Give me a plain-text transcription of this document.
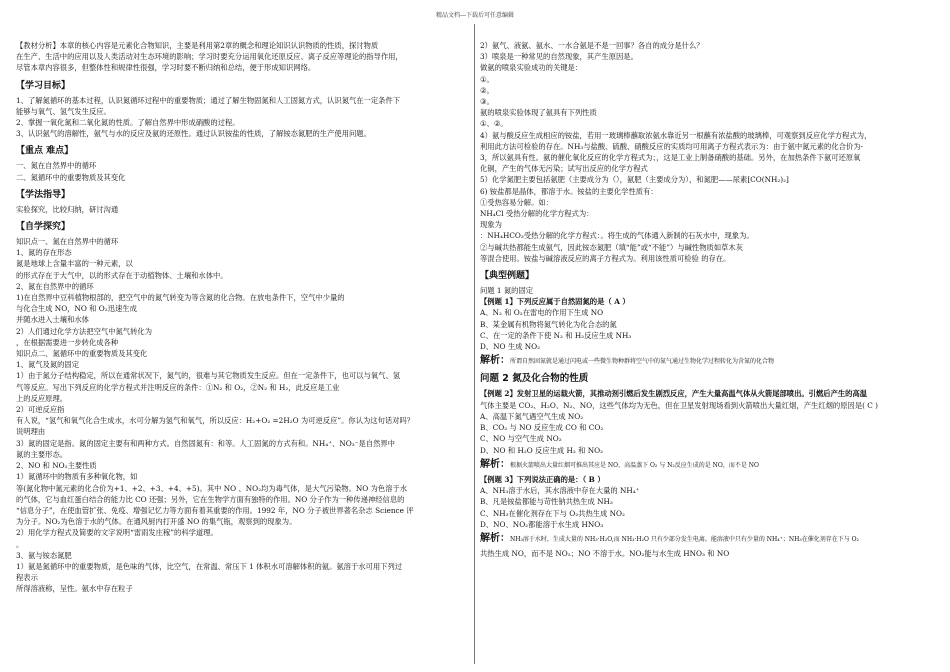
精品文档---下载后可任意编辑
【教材分析】本章的核心内容是元素化合物知识，主要是利用第2章的概念和理论知识认识物质的性质，探讨物质
在生产、生活中的应用以及人类活动对生态环境的影响；学习时要充分运用氧化还原反应、离子反应等理论的指导作用，
尽管本章内容很多，但整体性和规律性很强，学习时要不断归纳和总结，便于形成知识网络。
【学习目标】
1、了解氮循环的基本过程，认识氮循环过程中的重要物质；通过了解生物固氮和人工固氮方式，认识氮气在一定条件下
能够与氧气、氢气发生反应。
2、掌握一氧化氮和二氧化氮的性质。了解自然界中形成硝酸的过程。
3、认识氨气的溶解性，氨气与水的反应及氨的还原性。通过认识铵盐的性质，了解铵态氮肥的生产使用问题。
【重点 难点】
一、氮在自然界中的循环
二、氮循环中的重要物质及其变化
【学法指导】
实验探究，比较归纳，研讨沟通
【自学探究】
知识点一、氮在自然界中的循环
1、氮的存在形态
氮是地球上含量丰富的一种元素，以
的形式存在于大气中，以的形式存在于动植物体、土壤和水体中。
2、氮在自然界中的循环
1)在自然界中豆科植物根部的，把空气中的氮气转变为等含氮的化合物。在放电条件下，空气中少量的
与化合生成 NO，NO 和 O₂迅速生成
并随水进入土壤和水体
2）人们通过化学方法把空气中氮气转化为
，在根据需要进一步转化成各种
知识点二、氮循环中的重要物质及其变化
1、氮气及氮的固定
1）由于氮分子结构稳定，所以在通常状况下，氮气的，很难与其它物质发生反应。但在一定条件下，也可以与氧气、氢
气等反应。写出下列反应的化学方程式并注明反应的条件：①N₂ 和 O₂，②N₂ 和 H₂，此反应是工业
上的反应原理。
2）可逆反应指
有人说，“氢气和氧气化合生成水，水可分解为氢气和氧气，所以反应：H₂+O₂ =2H₂O 为可逆反应”。你认为这句话对吗？
说明理由
3）氮的固定是指。氮的固定主要有和两种方式。自然固氮有：和等。人工固氮的方式有和。NH₄⁺、NO₃⁻是自然界中
氮的主要形态。
2、NO 和 NO₂主要性质
1）氮循环中的物质有多种氧化物，如
等(氮化物中氮元素的化合价为+1、+2、+3、+4、+5)。其中 NO 、NO₂均为毒气体，是大气污染物。NO 为色溶于水
的气体，它与血红蛋白结合的能力比 CO 还强；另外，它在生物学方面有独特的作用。NO 分子作为一种传递神经信息的
“信息分子”，在使血管扩张、免疫、增强记忆力等方面有着其重要的作用。1992 年，NO 分子被世界著名杂志 Science 评
为分子。NO₂为色溶于水的气体。在通风厨内打开盛 NO 的集气瓶，观察到的现象为。
2）用化学方程式及简要的文字说明“雷雨发庄稼”的科学道理。
。
3、氨与铵态氮肥
1）氨是氮循环中的重要物质，是色味的气体，比空气，在常温、常压下 1 体积水可溶解体积的氨。氨溶于水可用下列过
程表示
所得溶液称，呈性。氨水中存在粒子
2）氨气、液氨、氨水、一水合氨是不是一回事？各自的成分是什么？
3）喷泉是一种常见的自然现象，其产生原因是。
做氨的喷泉实验成功的关键是：
①。
②。
③。
氨的喷泉实验体现了氨具有下列性质
①、②。
4）氨与酸反应生成相应的铵盐，若用一玻璃棒蘸取浓氨水靠近另一根蘸有浓盐酸的玻璃棒，可观察到反应化学方程式为，
利用此方法可检验的存在。NH₃与盐酸、硫酸、硝酸反应的实质均可用离子方程式表示为：由于氨中氮元素的化合价为-
3，所以氨具有性。氨的催化氧化反应的化学方程式为；，这是工业上制备硝酸的基础。另外，在加热条件下氨可还原氧
化铜，产生的气体无污染；试写出反应的化学方程式
5）化学氮肥主要包括氨肥（主要成分为（），氨肥（主要成分为），和氮肥——尿素[CO(NH₂)₂]
6) 铵盐都是晶体，都溶于水。铵盐的主要化学性质有：
①受热容易分解。如：
NH₄Cl 受热分解的化学方程式为：
现象为
：NH₄HCO₃受热分解的化学方程式：。将生成的气体通入新制的石灰水中，现象为。
②与碱共热都能生成氨气，因此铵态氮肥（填“能”或“不能”）与碱性物质如草木灰
等混合使用。铵盐与碱溶液反应的离子方程式为。利用该性质可检验 的存在。
【典型例题】
问题 1 氮的固定
【例题 1】下列反应属于自然固氮的是（ A ）
A、N₂ 和 O₂在雷电的作用下生成 NO
B、某金属有机物将氮气转化为化合态的氮
C、在一定的条件下使 N₂ 和 H₂反应生成 NH₃
D、NO 生成 NO₂
解析：所谓自然固氮就是通过闪电或一些微生物种群将空气中的氮气通过生物化学过程转化为含氮的化合物
问题 2 氮及化合物的性质
【例题 2】发射卫星的运载火箭，其推动剂引燃后发生剧烈反应，产生大量高温气体从火箭尾部喷出。引燃后产生的高温
气体主要是 CO₂、H₂O、N₂、NO，这些气体均为无色，但在卫星发射现场看到火箭喷出大量红烟，产生红烟的原因是( C )
A、高温下氮气遇空气生成 NO₂
B、CO₂ 与 NO 反应生成 CO 和 CO₂
C、NO 与空气生成 NO₂
D、NO 和 H₂O 反应生成 H₂ 和 NO₂
解析：根据火箭喷出大量红烟可推出其应是 NO，高温蒸下 O₂ 与 N₂反应生成的是 NO，而不是 NO
【例题 3】下列说法正确的是：（ B ）
A、NH₃溶于水后，其水溶液中存在大量的 NH₄⁺
B、凡是铵盐都能与苛性钠共热生成 NH₃
C、NH₃在催化剂存在下与 O₂共热生成 NO₂
D、NO、NO₂都能溶于水生成 HNO₃
解析：NH₃溶于水时，生成大量的 NH₃·H₂O,而 NH₃·H₂O 只有少部分发生电离。能溶液中只有少量的 NH₄⁺；NH₃在催化剂存在下与 O₂
共热生成 NO，而不是 NO₂；NO 不溶于水。NO₂能与水生成 HNO₃ 和 NO
